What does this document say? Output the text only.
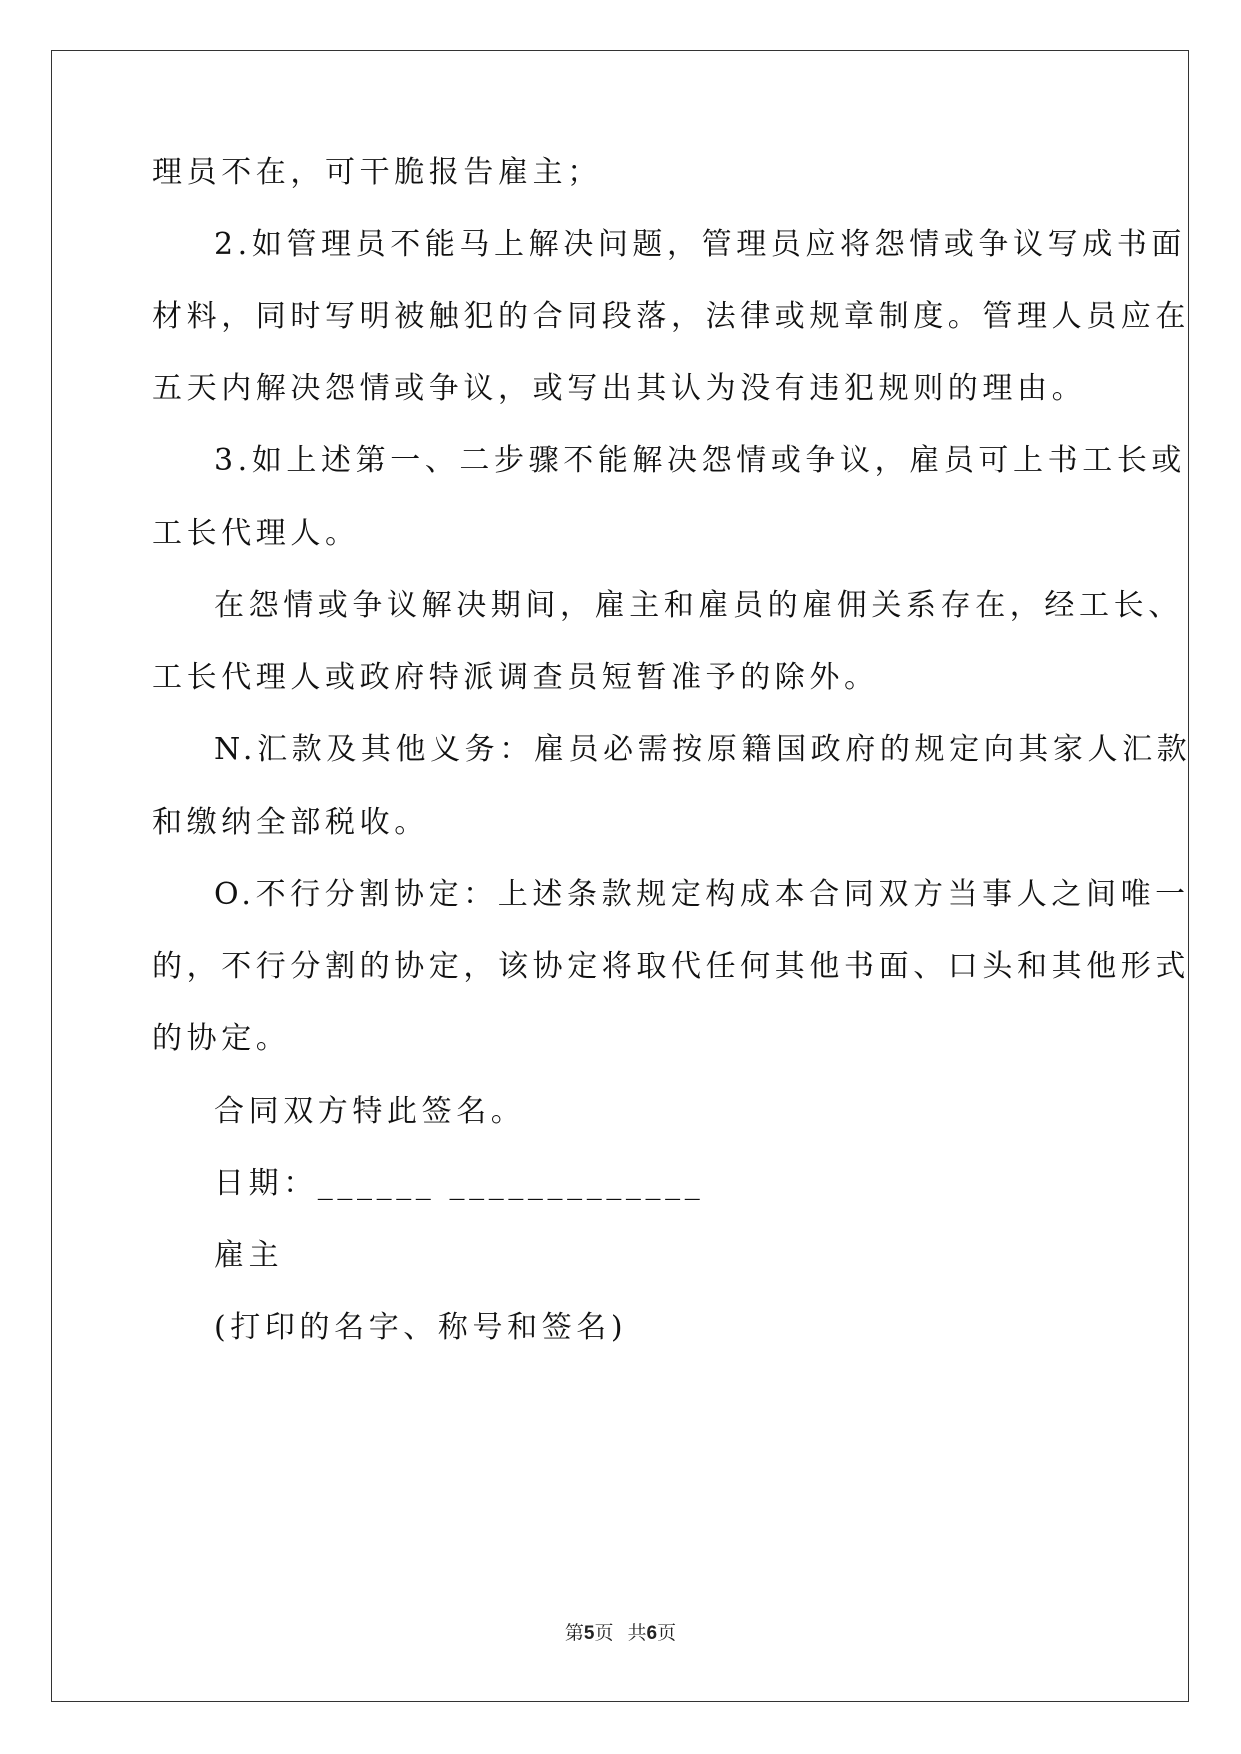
理员不在，可干脆报告雇主；
2.如管理员不能马上解决问题，管理员应将怨情或争议写成书面
材料，同时写明被触犯的合同段落，法律或规章制度。管理人员应在
五天内解决怨情或争议，或写出其认为没有违犯规则的理由。
3.如上述第一、二步骤不能解决怨情或争议，雇员可上书工长或
工长代理人。
在怨情或争议解决期间，雇主和雇员的雇佣关系存在，经工长、
工长代理人或政府特派调查员短暂准予的除外。
N.汇款及其他义务：雇员必需按原籍国政府的规定向其家人汇款
和缴纳全部税收。
O.不行分割协定：上述条款规定构成本合同双方当事人之间唯一
的，不行分割的协定，该协定将取代任何其他书面、口头和其他形式
的协定。
合同双方特此签名。
日期：______ _____________
雇主
(打印的名字、称号和签名)
第5页 共6页
